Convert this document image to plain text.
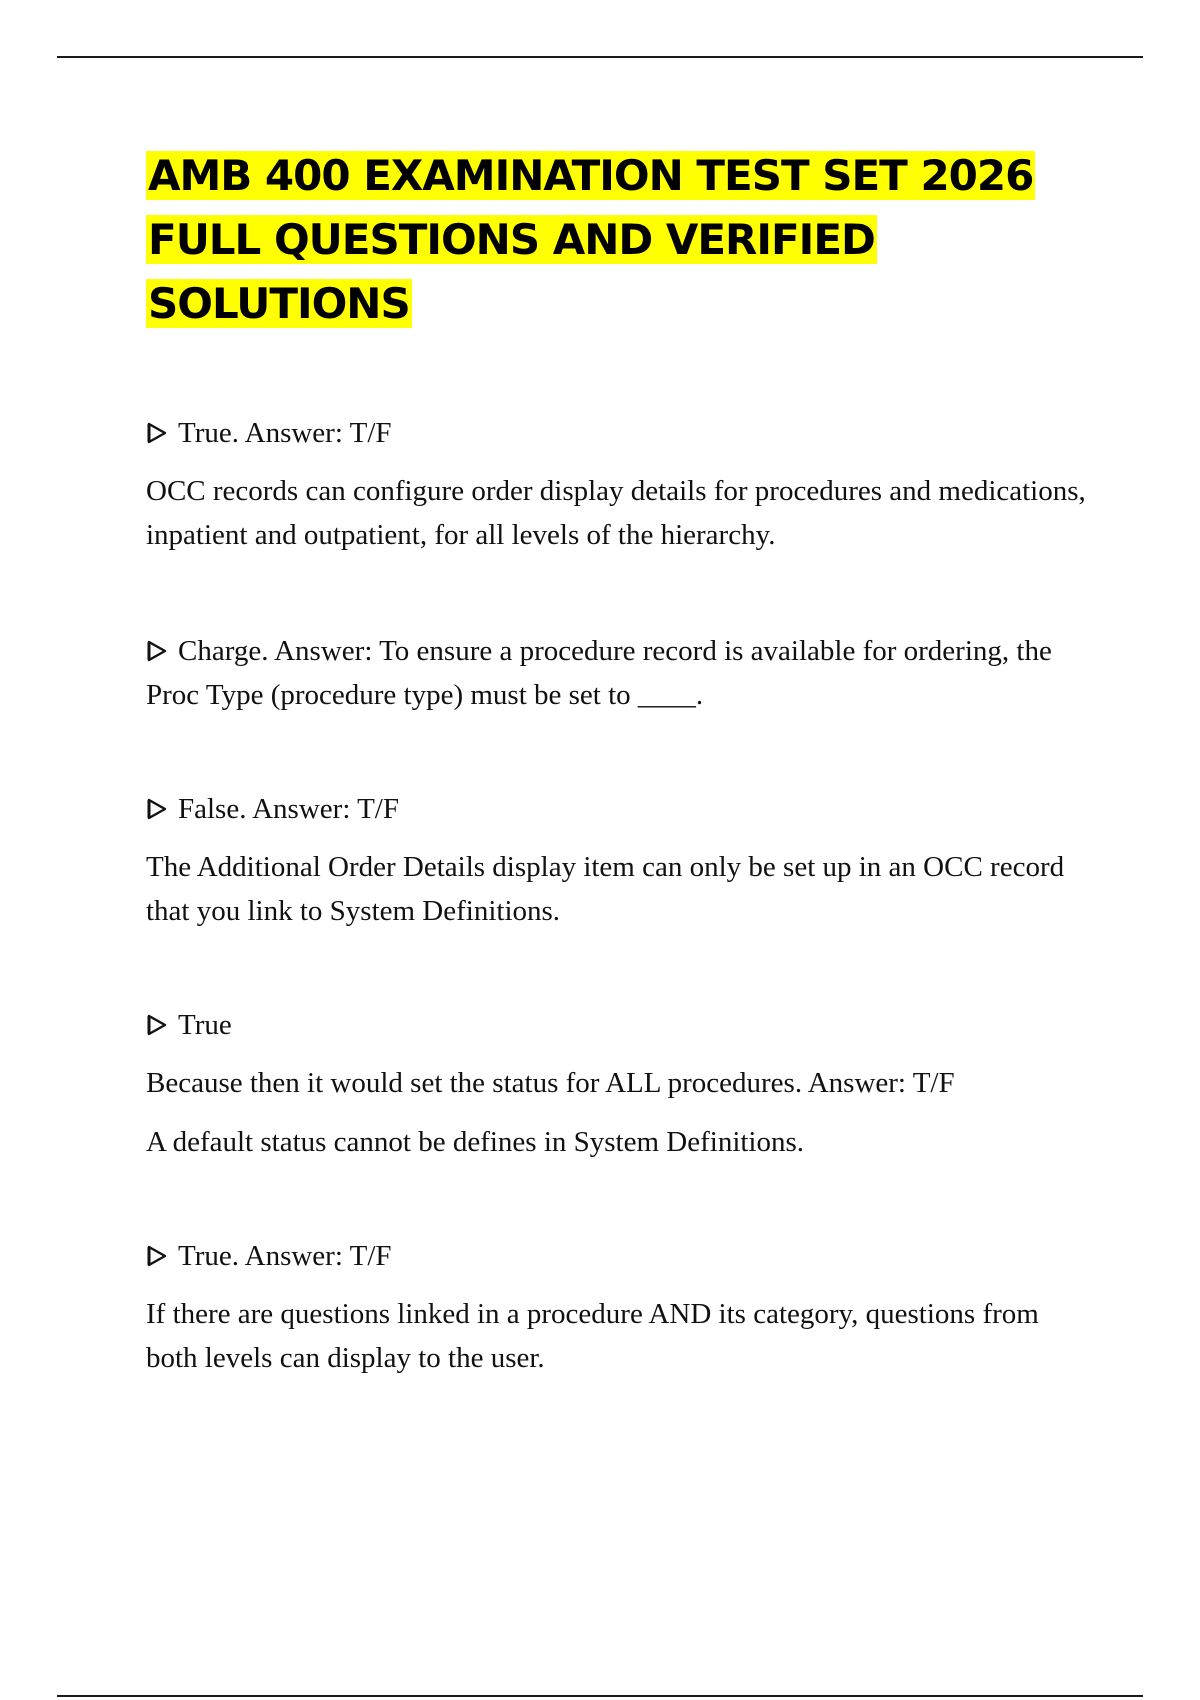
AMB 400 EXAMINATION TEST SET 2026 FULL QUESTIONS AND VERIFIED SOLUTIONS
True. Answer: T/F

OCC records can configure order display details for procedures and medications, inpatient and outpatient, for all levels of the hierarchy.

Charge. Answer: To ensure a procedure record is available for ordering, the Proc Type (procedure type) must be set to ____.
False. Answer: T/F

The Additional Order Details display item can only be set up in an OCC record that you link to System Definitions.

True

Because then it would set the status for ALL procedures. Answer: T/F

A default status cannot be defines in System Definitions.

True. Answer: T/F

If there are questions linked in a procedure AND its category, questions from both levels can display to the user.
